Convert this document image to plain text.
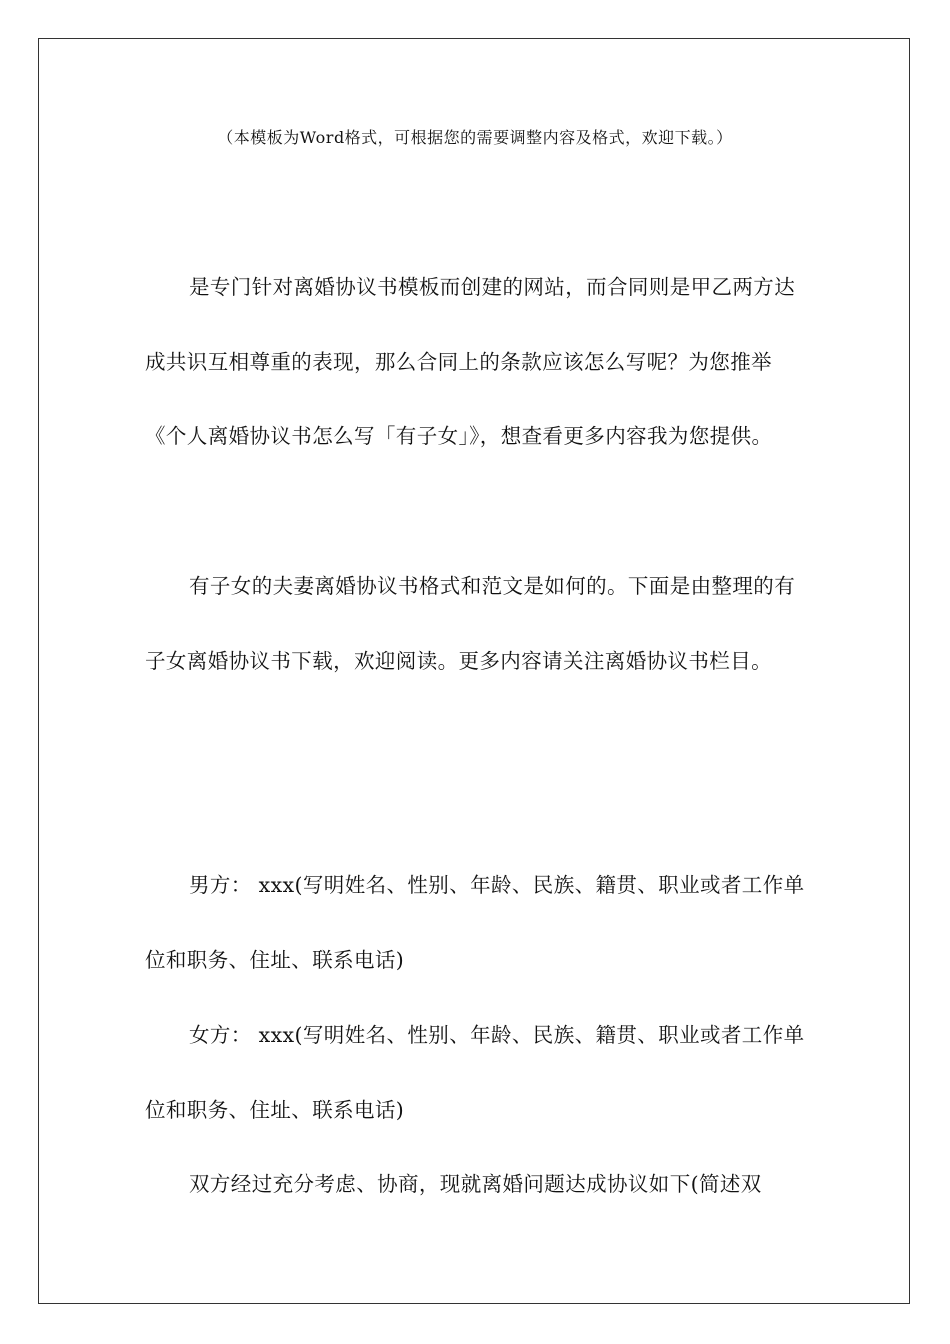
（本模板为Word格式，可根据您的需要调整内容及格式，欢迎下载。）

是专门针对离婚协议书模板而创建的网站，而合同则是甲乙两方达成共识互相尊重的表现，那么合同上的条款应该怎么写呢？为您推举《个人离婚协议书怎么写「有子女」》，想查看更多内容我为您提供。

有子女的夫妻离婚协议书格式和范文是如何的。下面是由整理的有子女离婚协议书下载，欢迎阅读。更多内容请关注离婚协议书栏目。

男方： xxx(写明姓名、性别、年龄、民族、籍贯、职业或者工作单位和职务、住址、联系电话)

女方： xxx(写明姓名、性别、年龄、民族、籍贯、职业或者工作单位和职务、住址、联系电话)

双方经过充分考虑、协商，现就离婚问题达成协议如下(简述双
